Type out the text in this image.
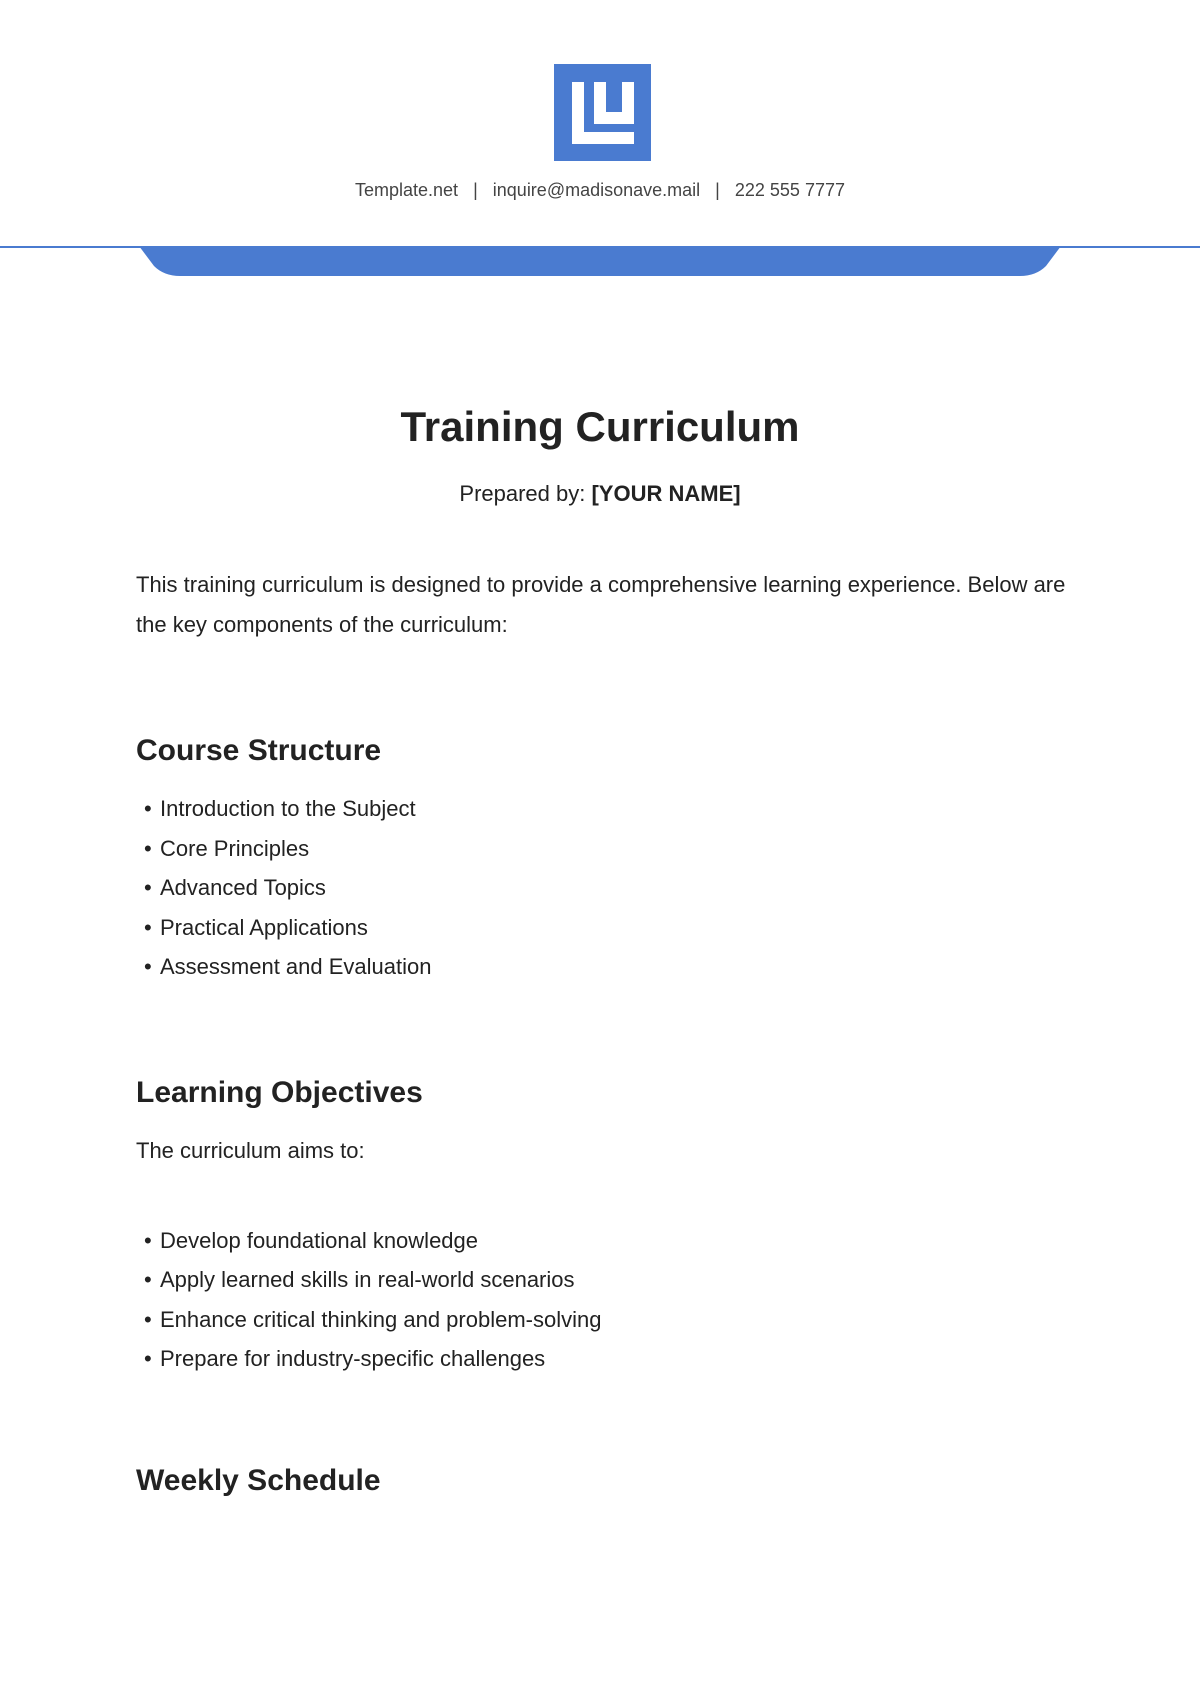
Template.net | inquire@madisonave.mail | 222 555 7777
Training Curriculum
Prepared by: [YOUR NAME]

This training curriculum is designed to provide a comprehensive learning experience. Below are the key components of the curriculum:

Course Structure
• Introduction to the Subject
• Core Principles
• Advanced Topics
• Practical Applications
• Assessment and Evaluation
Learning Objectives

The curriculum aims to:

• Develop foundational knowledge
• Apply learned skills in real-world scenarios
• Enhance critical thinking and problem-solving
• Prepare for industry-specific challenges
Weekly Schedule
